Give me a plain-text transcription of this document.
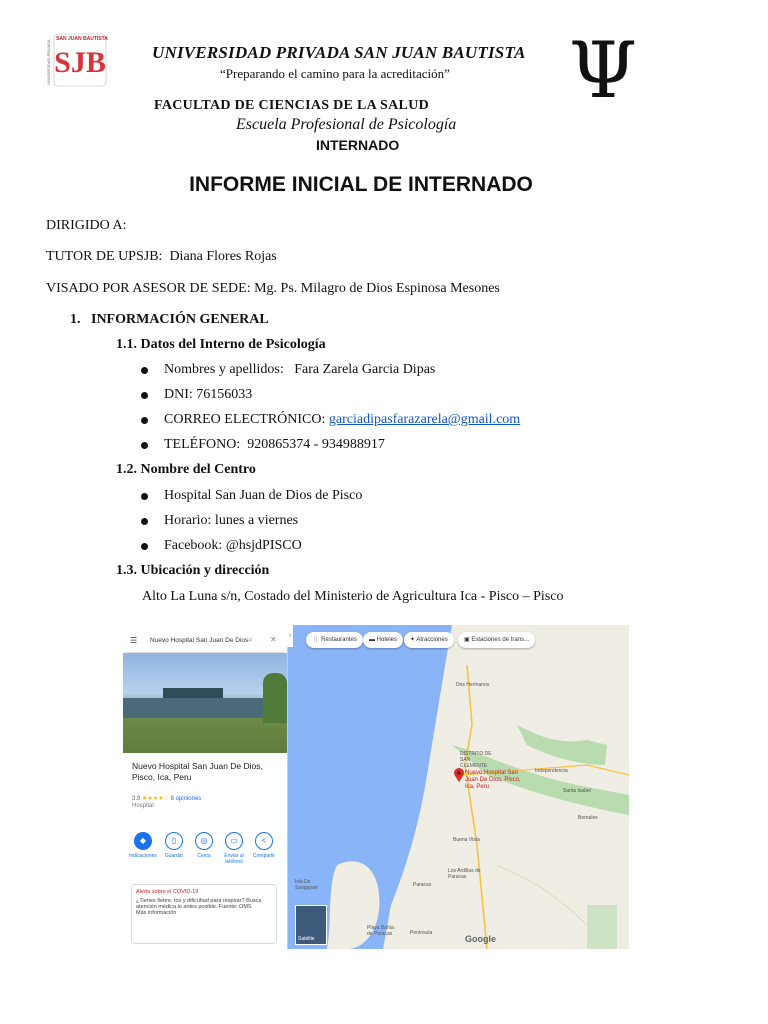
SJB
SAN JUAN BAUTISTA
UNIVERSIDAD PRIVADA	UNIVERSIDAD PRIVADA SAN JUAN BAUTISTA
“Preparando el camino para la acreditación” Ψ
FACULTAD DE CIENCIAS DE LA SALUD
Escuela Profesional de Psicología
INTERNADO
INFORME INICIAL DE INTERNADO
DIRIGIDO A:
TUTOR DE UPSJB: Diana Flores Rojas
VISADO POR ASESOR DE SEDE: Mg. Ps. Milagro de Dios Espinosa Mesones
1.   INFORMACIÓN GENERAL
1.1. Datos del Interno de Psicología
Nombres y apellidos: Fara Zarela Garcia Dipas
DNI: 76156033
CORREO ELECTRÓNICO: garciadipasfarazarela@gmail.com
TELÉFONO: 920865374 - 934988917
1.2. Nombre del Centro
Hospital San Juan de Dios de Pisco
Horario: lunes a viernes
Facebook: @hsjdPISCO
1.3. Ubicación y dirección
Alto La Luna s/n, Costado del Ministerio de Agricultura Ica - Pisco – Pisco
☰ Nuevo Hospital San Juan De Dios ⌕ ✕
Nuevo Hospital San Juan De Dios, Pisco, Ica, Peru
3.9 ★★★★☆ 8 opiniones
Hospital
◆
Indicaciones
▯
Guardar
◎
Cerca
▭
Enviar al teléfono
<
Compartir
Alerta sobre el COVID-19
¿Tienes fiebre, tos y dificultad para respirar? Busca atención médica lo antes posible. Fuente: OMS
Más información
🍴 Restaurantes	▬ Hoteles	✦ Atracciones	▣ Estaciones de trans...
Dos Hermanos
DISTRITO DE SAN CLEMENTE
Independencia
Santa Isabel
Bernales
Buena Vista
Los Ardillas de Paracas
Paracas
Isla De Sangayan
Playa Bahía de Paracas	Península
Nuevo Hospital San Juan De Dios, Pisco, Ica, Peru
Satélite	Google
‹
